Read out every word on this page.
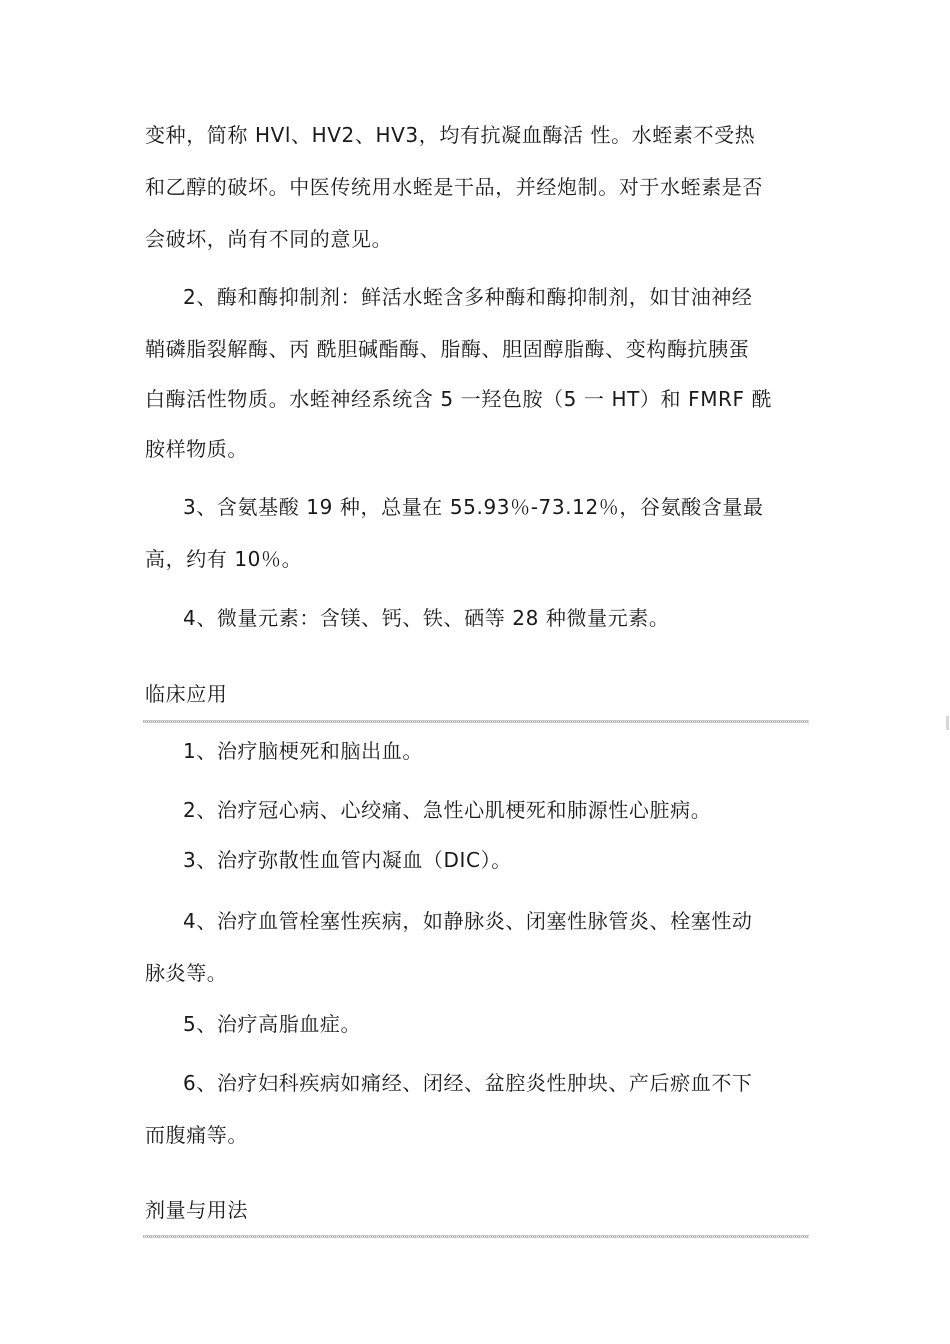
变种，简称 HVl、HV2、HV3，均有抗凝血酶活 性。水蛭素不受热
和乙醇的破坏。中医传统用水蛭是干品，并经炮制。对于水蛭素是否
会破坏，尚有不同的意见。
2、酶和酶抑制剂：鲜活水蛭含多种酶和酶抑制剂，如甘油神经
鞘磷脂裂解酶、丙 酰胆碱酯酶、脂酶、胆固醇脂酶、变构酶抗胰蛋
白酶活性物质。水蛭神经系统含 5 一羟色胺（5 一 HT）和 FMRF 酰
胺样物质。
3、含氨基酸 19 种，总量在 55.93％-73.12％，谷氨酸含量最
高，约有 10％。
4、微量元素：含镁、钙、铁、硒等 28 种微量元素。
临床应用
1、治疗脑梗死和脑出血。
2、治疗冠心病、心绞痛、急性心肌梗死和肺源性心脏病。
3、治疗弥散性血管内凝血（DIC）。
4、治疗血管栓塞性疾病，如静脉炎、闭塞性脉管炎、栓塞性动
脉炎等。
5、治疗高脂血症。
6、治疗妇科疾病如痛经、闭经、盆腔炎性肿块、产后瘀血不下
而腹痛等。
剂量与用法
